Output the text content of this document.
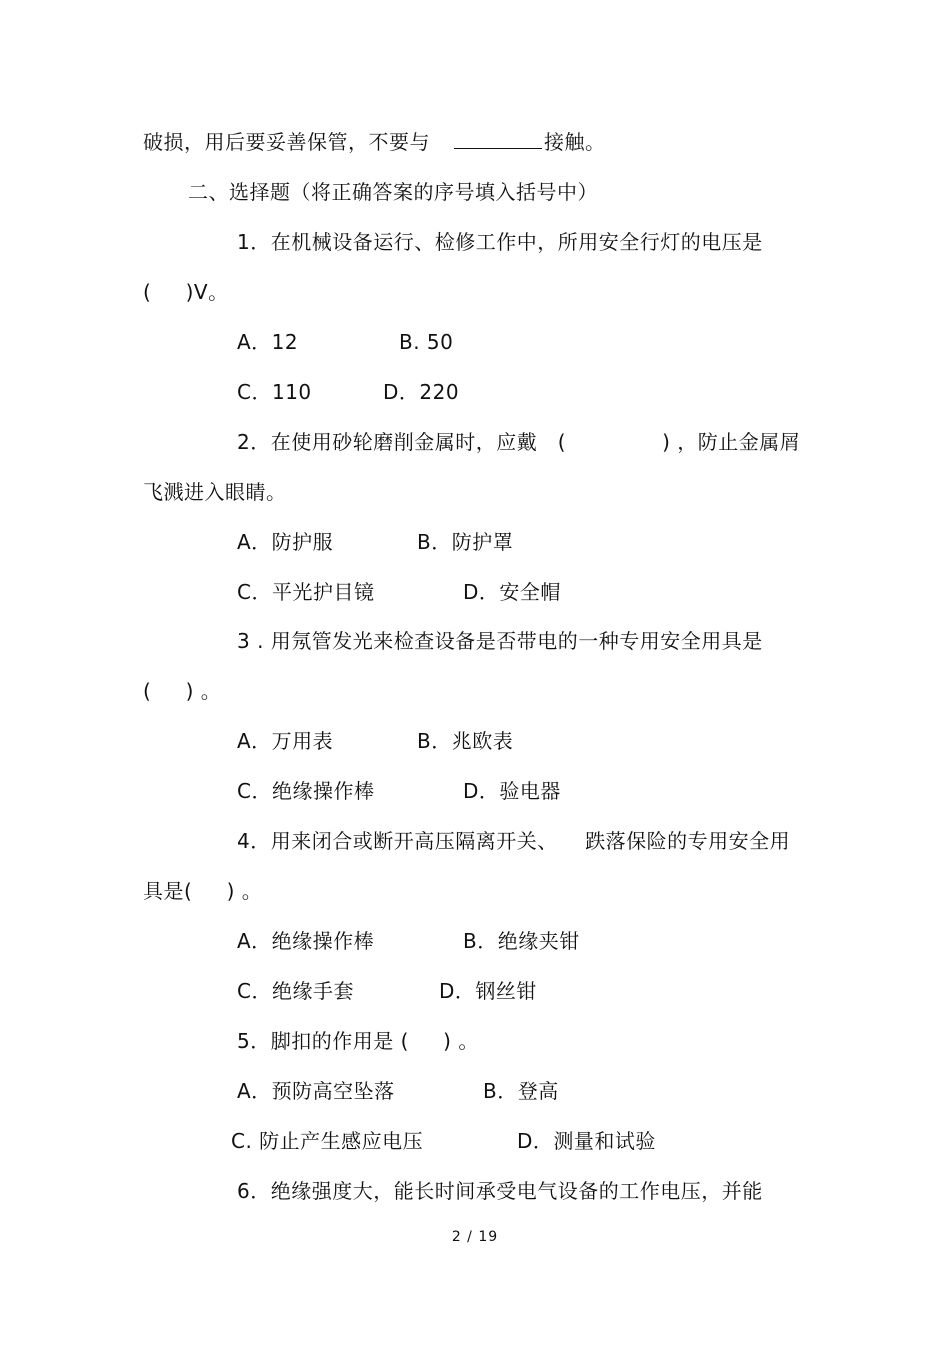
破损，用后要妥善保管，不要与	接触。
二、选择题（将正确答案的序号填入括号中）
1．在机械设备运行、检修工作中，所用安全行灯的电压是
(     )V。
A．12	B. 50
C．110	D．220
2．在使用砂轮磨削金属时，应戴   (              ) ，防止金属屑
飞溅进入眼睛。
A．防护服	B．防护罩
C．平光护目镜	D．安全帽
3 . 用氖管发光来检查设备是否带电的一种专用安全用具是
(     ) 。
A．万用表	B．兆欧表
C．绝缘操作棒	D．验电器
4．用来闭合或断开高压隔离开关、    跌落保险的专用安全用
具是(     ) 。
A．绝缘操作棒	B．绝缘夹钳
C．绝缘手套	D．钢丝钳
5．脚扣的作用是 (     ) 。
A．预防高空坠落	B．登高
C. 防止产生感应电压	D．测量和试验
6．绝缘强度大，能长时间承受电气设备的工作电压，并能
2 / 19
